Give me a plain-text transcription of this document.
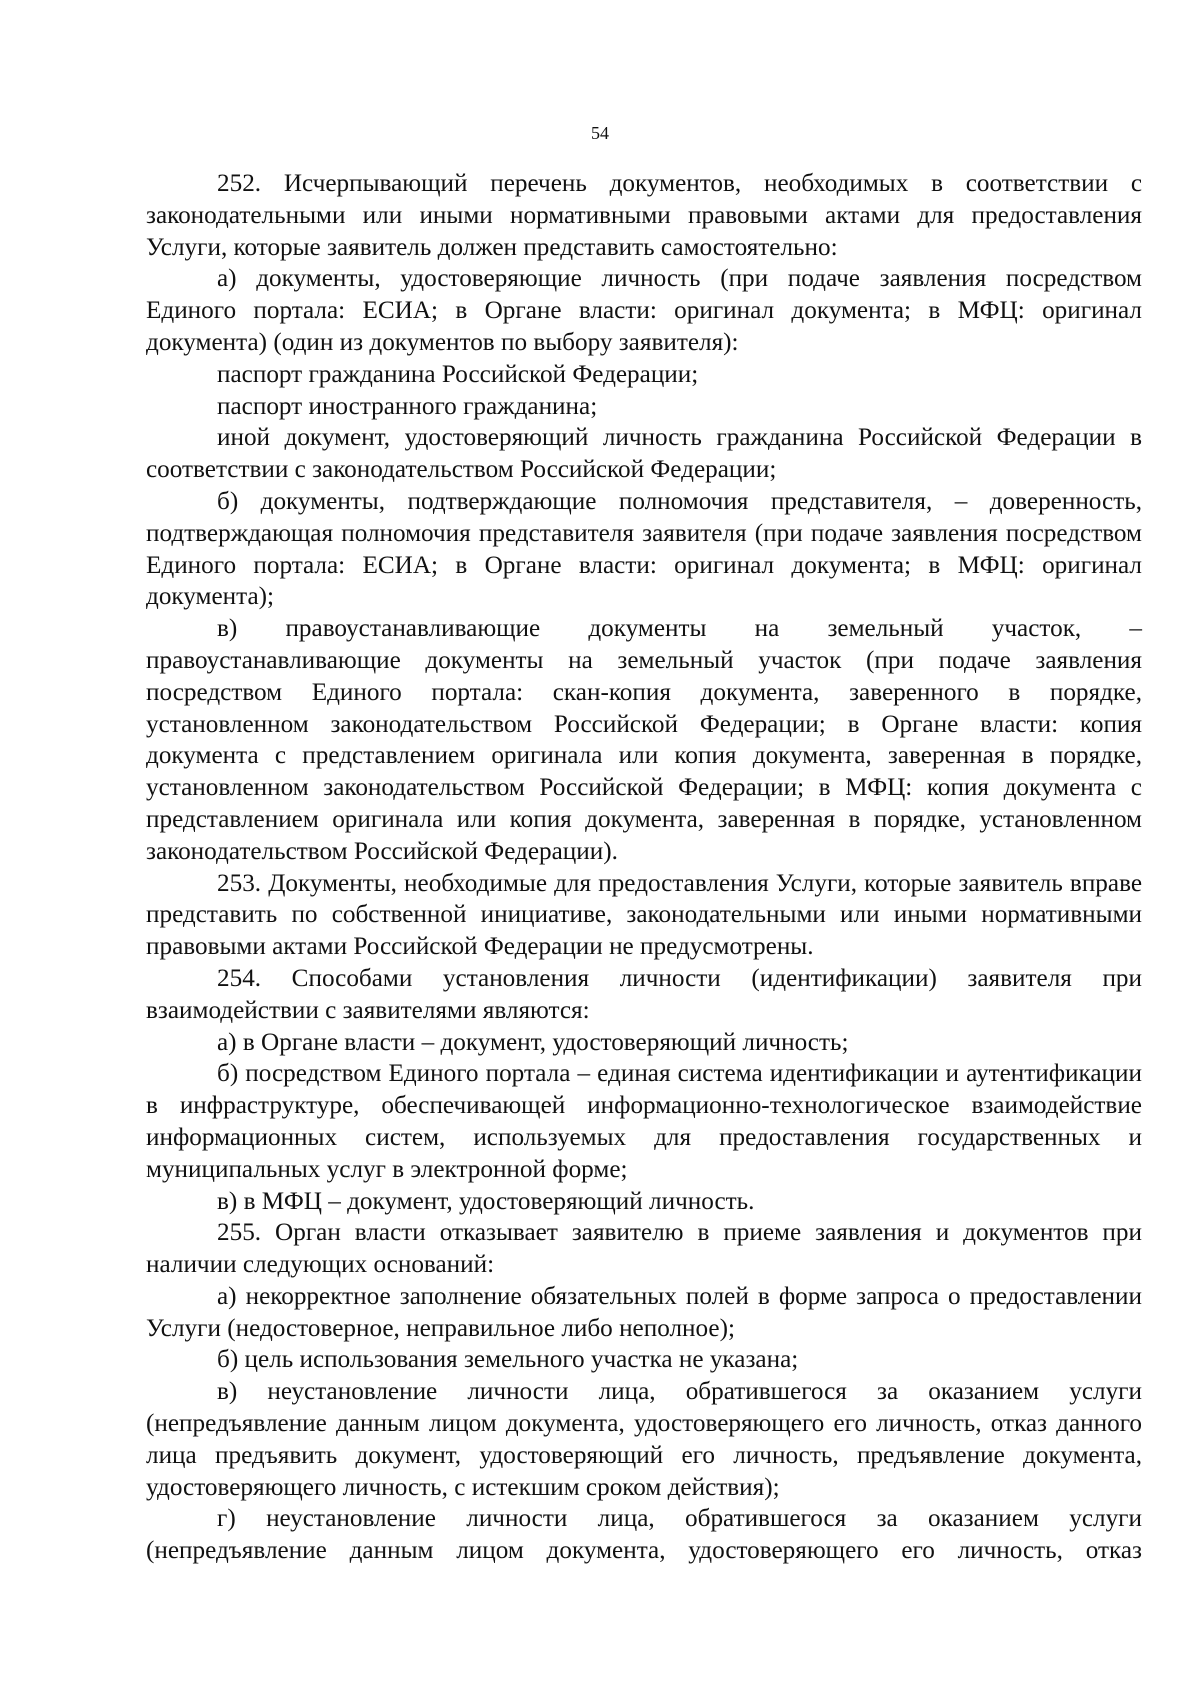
54

252. Исчерпывающий перечень документов, необходимых в соответствии с законодательными или иными нормативными правовыми актами для предоставления Услуги, которые заявитель должен представить самостоятельно:

а) документы, удостоверяющие личность (при подаче заявления посредством Единого портала: ЕСИА; в Органе власти: оригинал документа; в МФЦ: оригинал документа) (один из документов по выбору заявителя):

паспорт гражданина Российской Федерации;

паспорт иностранного гражданина;

иной документ, удостоверяющий личность гражданина Российской Федерации в соответствии с законодательством Российской Федерации;

б) документы, подтверждающие полномочия представителя, – доверенность, подтверждающая полномочия представителя заявителя (при подаче заявления посредством Единого портала: ЕСИА; в Органе власти: оригинал документа; в МФЦ: оригинал документа);

в) правоустанавливающие документы на земельный участок, – правоустанавливающие документы на земельный участок (при подаче заявления посредством Единого портала: скан-копия документа, заверенного в порядке, установленном законодательством Российской Федерации; в Органе власти: копия документа с представлением оригинала или копия документа, заверенная в порядке, установленном законодательством Российской Федерации; в МФЦ: копия документа с представлением оригинала или копия документа, заверенная в порядке, установленном законодательством Российской Федерации).

253. Документы, необходимые для предоставления Услуги, которые заявитель вправе представить по собственной инициативе, законодательными или иными нормативными правовыми актами Российской Федерации не предусмотрены.

254. Способами установления личности (идентификации) заявителя при взаимодействии с заявителями являются:

а) в Органе власти – документ, удостоверяющий личность;

б) посредством Единого портала – единая система идентификации и аутентификации в инфраструктуре, обеспечивающей информационно-технологическое взаимодействие информационных систем, используемых для предоставления государственных и муниципальных услуг в электронной форме;

в) в МФЦ – документ, удостоверяющий личность.

255. Орган власти отказывает заявителю в приеме заявления и документов при наличии следующих оснований:

а) некорректное заполнение обязательных полей в форме запроса о предоставлении Услуги (недостоверное, неправильное либо неполное);

б) цель использования земельного участка не указана;

в) неустановление личности лица, обратившегося за оказанием услуги (непредъявление данным лицом документа, удостоверяющего его личность, отказ данного лица предъявить документ, удостоверяющий его личность, предъявление документа, удостоверяющего личность, с истекшим сроком действия);

г) неустановление личности лица, обратившегося за оказанием услуги (непредъявление данным лицом документа, удостоверяющего его личность, отказ
